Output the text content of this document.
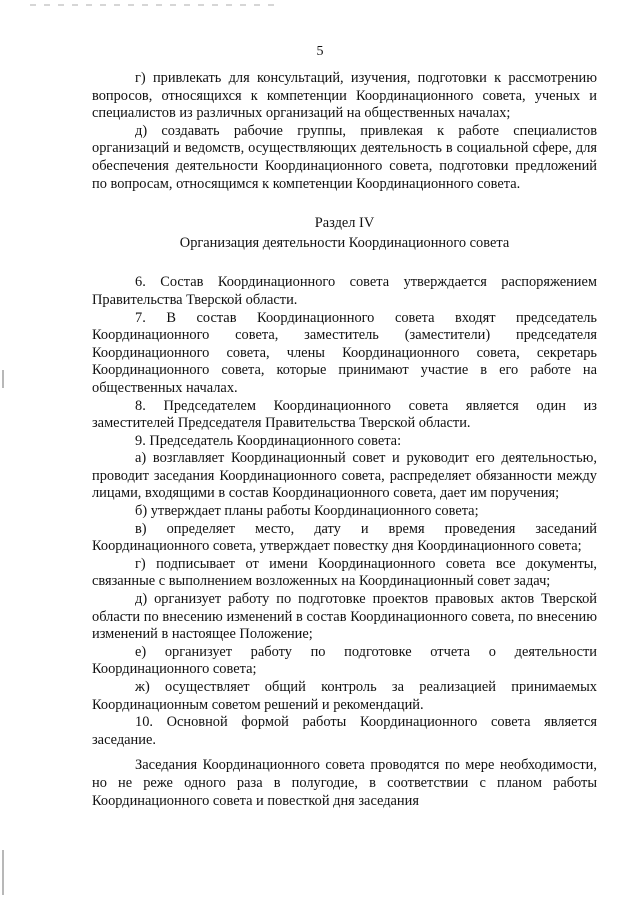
5

г) привлекать для консультаций, изучения, подготовки к рассмотрению вопросов, относящихся к компетенции Координационного совета, ученых и специалистов из различных организаций на общественных началах;

д) создавать рабочие группы, привлекая к работе специалистов организаций и ведомств, осуществляющих деятельность в социальной сфере, для обеспечения деятельности Координационного совета, подготовки предложений по вопросам, относящимся к компетенции Координационного совета.

Раздел IV

Организация деятельности Координационного совета

6. Состав Координационного совета утверждается распоряжением Правительства Тверской области.

7. В состав Координационного совета входят председатель Координационного совета, заместитель (заместители) председателя Координационного совета, члены Координационного совета, секретарь Координационного совета, которые принимают участие в его работе на общественных началах.

8. Председателем Координационного совета является один из заместителей Председателя Правительства Тверской области.

9. Председатель Координационного совета:

а) возглавляет Координационный совет и руководит его деятельностью, проводит заседания Координационного совета, распределяет обязанности между лицами, входящими в состав Координационного совета, дает им поручения;

б) утверждает планы работы Координационного совета;

в) определяет место, дату и время проведения заседаний Координационного совета, утверждает повестку дня Координационного совета;

г) подписывает от имени Координационного совета все документы, связанные с выполнением возложенных на Координационный совет задач;

д) организует работу по подготовке проектов правовых актов Тверской области по внесению изменений в состав Координационного совета, по внесению изменений в настоящее Положение;

е) организует работу по подготовке отчета о деятельности Координационного совета;

ж) осуществляет общий контроль за реализацией принимаемых Координационным советом решений и рекомендаций.

10. Основной формой работы Координационного совета является заседание.

Заседания Координационного совета проводятся по мере необходимости, но не реже одного раза в полугодие, в соответствии с планом работы Координационного совета и повесткой дня заседания
